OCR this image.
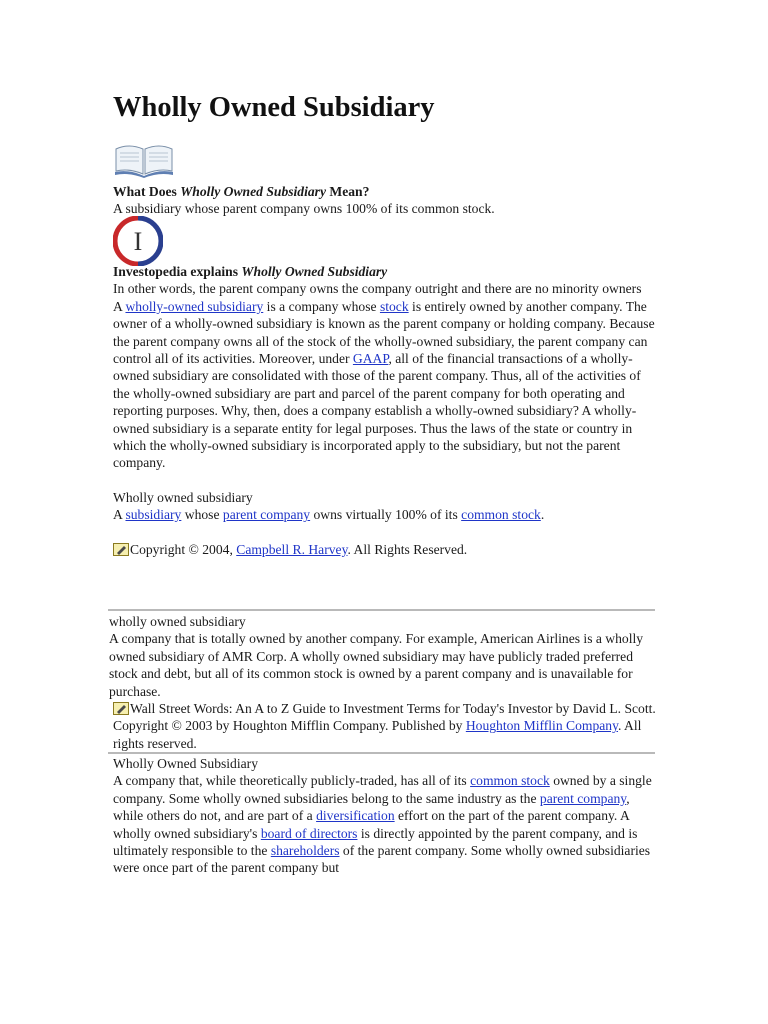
Wholly Owned Subsidiary

What Does Wholly Owned Subsidiary Mean?

A subsidiary whose parent company owns 100% of its common stock.

I

Investopedia explains Wholly Owned Subsidiary

In other words, the parent company owns the company outright and there are no minority owners

A wholly-owned subsidiary is a company whose stock is entirely owned by another company. The owner of a wholly-owned subsidiary is known as the parent company or holding company. Because the parent company owns all of the stock of the wholly-owned subsidiary, the parent company can control all of its activities. Moreover, under GAAP, all of the financial transactions of a wholly-owned subsidiary are consolidated with those of the parent company. Thus, all of the activities of the wholly-owned subsidiary are part and parcel of the parent company for both operating and reporting purposes. Why, then, does a company establish a wholly-owned subsidiary? A wholly-owned subsidiary is a separate entity for legal purposes. Thus the laws of the state or country in which the wholly-owned subsidiary is incorporated apply to the subsidiary, but not the parent company.

Wholly owned subsidiary

A subsidiary whose parent company owns virtually 100% of its common stock.

Copyright © 2004, Campbell R. Harvey. All Rights Reserved.

wholly owned subsidiary

A company that is totally owned by another company. For example, American Airlines is a wholly owned subsidiary of AMR Corp. A wholly owned subsidiary may have publicly traded preferred stock and debt, but all of its common stock is owned by a parent company and is unavailable for purchase.

Wall Street Words: An A to Z Guide to Investment Terms for Today's Investor by David L. Scott. Copyright © 2003 by Houghton Mifflin Company. Published by Houghton Mifflin Company. All rights reserved.

Wholly Owned Subsidiary

A company that, while theoretically publicly-traded, has all of its common stock owned by a single company. Some wholly owned subsidiaries belong to the same industry as the parent company, while others do not, and are part of a diversification effort on the part of the parent company. A wholly owned subsidiary's board of directors is directly appointed by the parent company, and is ultimately responsible to the shareholders of the parent company. Some wholly owned subsidiaries were once part of the parent company but
